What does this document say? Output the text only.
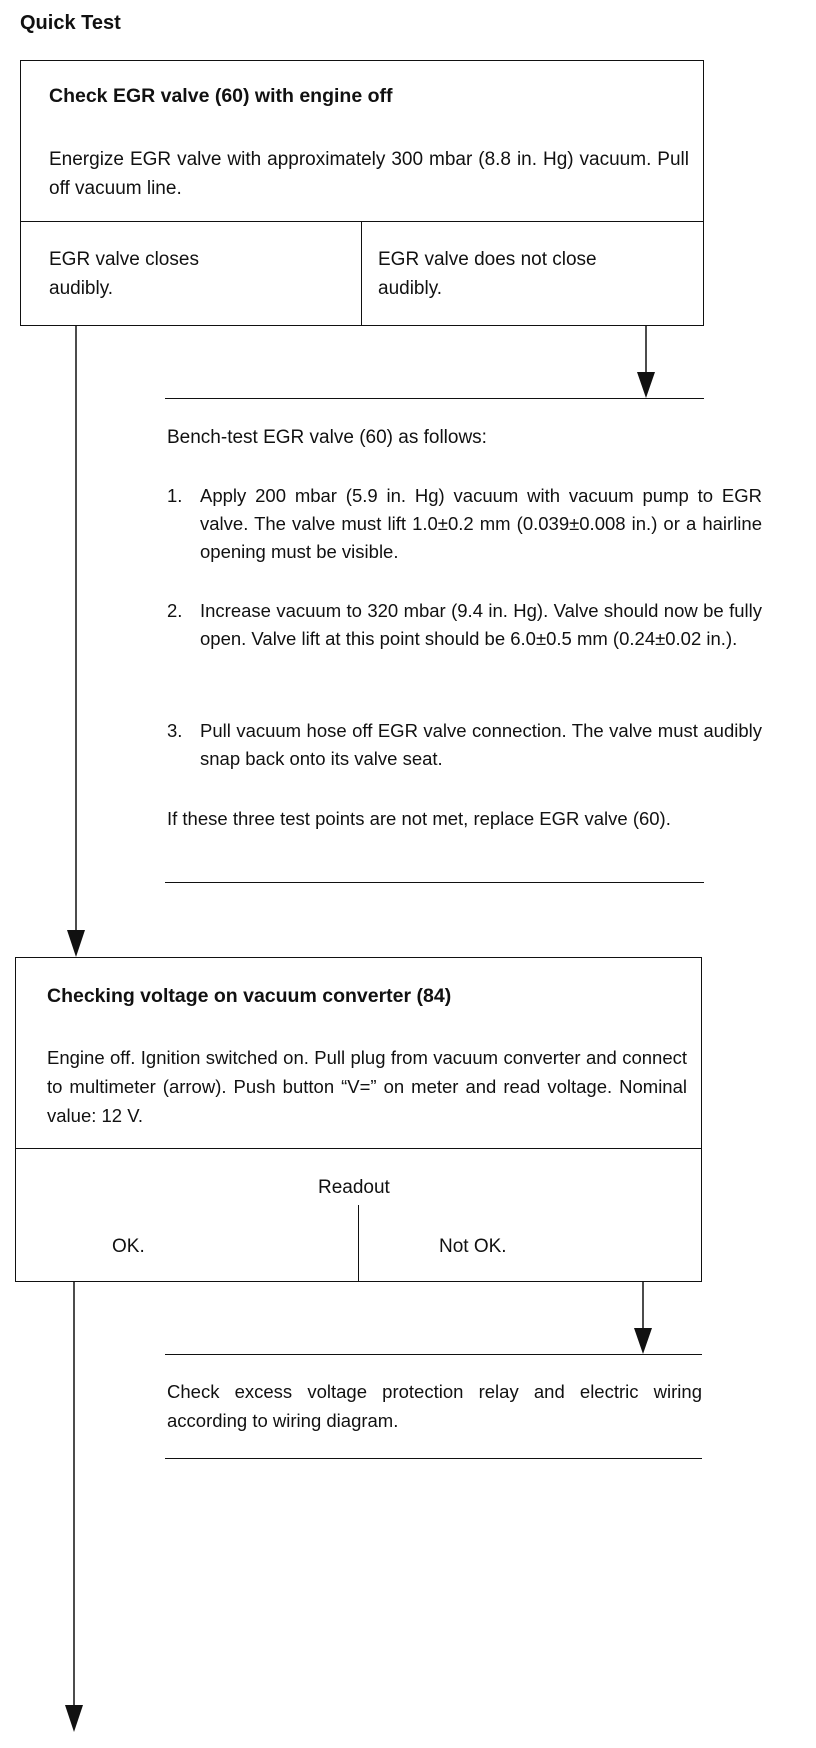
Quick Test
Check EGR valve (60) with engine off
Energize EGR valve with approximately 300 mbar (8.8 in. Hg) vacuum. Pull off vacuum line.
EGR valve closes audibly.
EGR valve does not close audibly.
Bench-test EGR valve (60) as follows:
1. Apply 200 mbar (5.9 in. Hg) vacuum with vacuum pump to EGR valve. The valve must lift 1.0±0.2 mm (0.039±0.008 in.) or a hairline opening must be visible.
2. Increase vacuum to 320 mbar (9.4 in. Hg). Valve should now be fully open. Valve lift at this point should be 6.0±0.5 mm (0.24±0.02 in.).
3. Pull vacuum hose off EGR valve connection. The valve must audibly snap back onto its valve seat.
If these three test points are not met, replace EGR valve (60).
Checking voltage on vacuum converter (84)
Engine off. Ignition switched on. Pull plug from vacuum converter and connect to multimeter (arrow). Push button “V=” on meter and read voltage. Nominal value: 12 V.
Readout
OK.	Not OK.
Check excess voltage protection relay and electric wiring according to wiring diagram.
